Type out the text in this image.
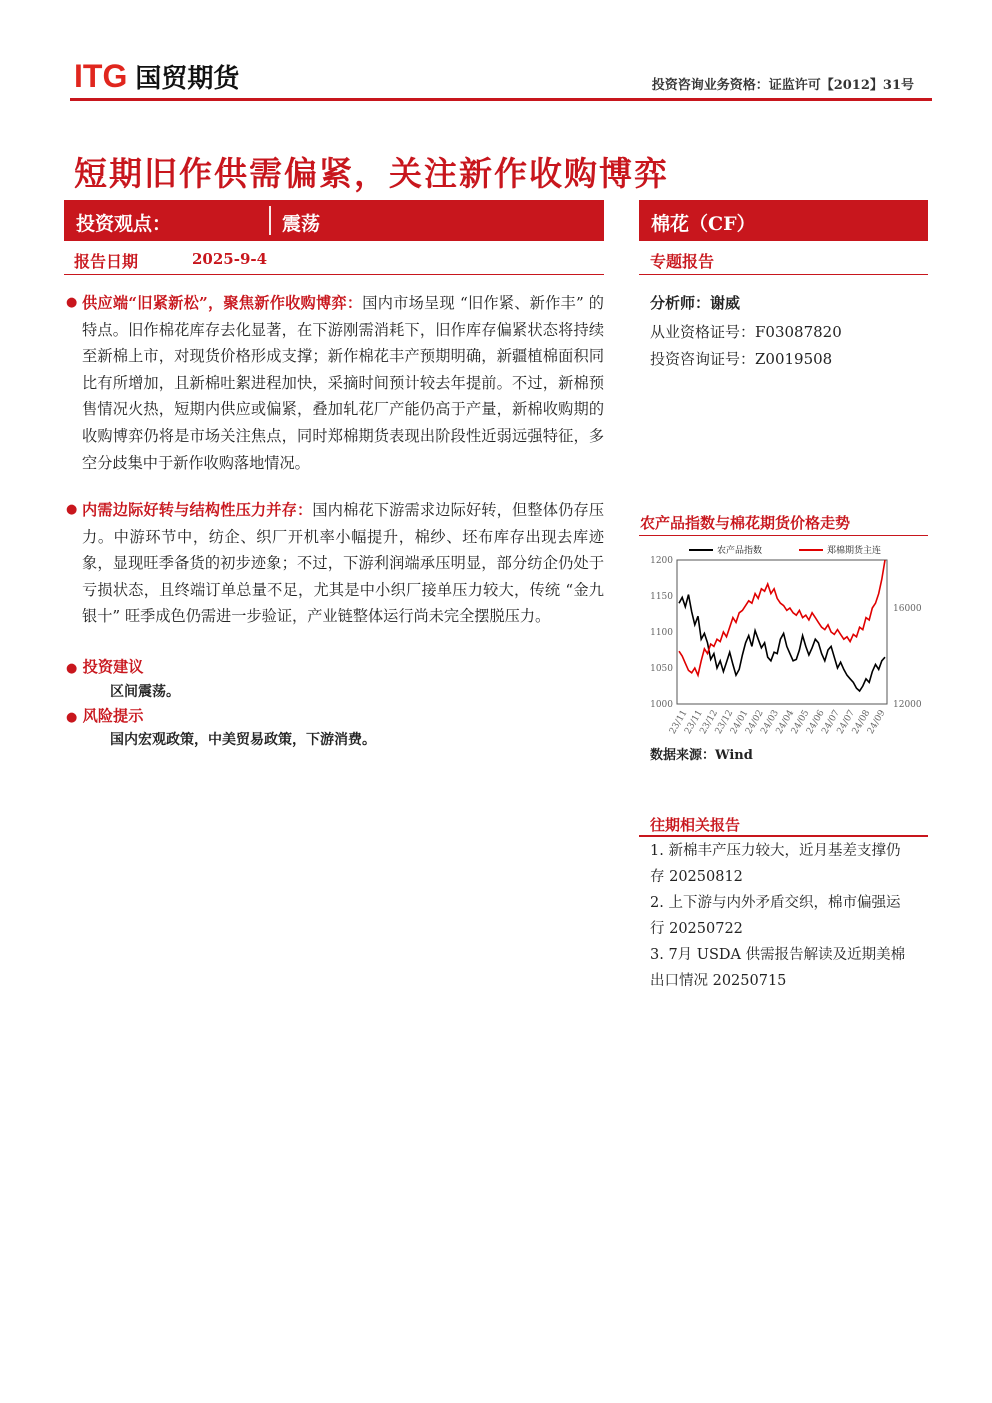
ITG 国贸期货	投资咨询业务资格：证监许可【2012】31号
短期旧作供需偏紧，关注新作收购博弈
投资观点：	震荡
报告日期	2025-9-4
棉花（CF）
专题报告
分析师：谢威
从业资格证号：F03087820
投资咨询证号：Z0019508
● 供应端“旧紧新松”，聚焦新作收购博弈：国内市场呈现 “旧作紧、新作丰” 的特点。旧作棉花库存去化显著，在下游刚需消耗下，旧作库存偏紧状态将持续至新棉上市，对现货价格形成支撑；新作棉花丰产预期明确，新疆植棉面积同比有所增加，且新棉吐絮进程加快，采摘时间预计较去年提前。不过，新棉预售情况火热，短期内供应或偏紧，叠加轧花厂产能仍高于产量，新棉收购期的收购博弈仍将是市场关注焦点，同时郑棉期货表现出阶段性近弱远强特征，多空分歧集中于新作收购落地情况。
● 内需边际好转与结构性压力并存：国内棉花下游需求边际好转，但整体仍存压力。中游环节中，纺企、织厂开机率小幅提升，棉纱、坯布库存出现去库迹象，显现旺季备货的初步迹象；不过，下游利润端承压明显，部分纺企仍处于亏损状态，且终端订单总量不足，尤其是中小织厂接单压力较大，传统 “金九银十” 旺季成色仍需进一步验证，产业链整体运行尚未完全摆脱压力。
● 投资建议
区间震荡。
● 风险提示
国内宏观政策，中美贸易政策，下游消费。
农产品指数与棉花期货价格走势
1000
1050
1100
1150
1200
12000
16000
23/11
23/11
23/12
23/12
24/01
24/02
24/03
24/04
24/05
24/06
24/07
24/07
24/08
24/09
农产品指数	郑棉期货主连
数据来源：Wind
往期相关报告
1. 新棉丰产压力较大，近月基差支撑仍存 20250812
2. 上下游与内外矛盾交织，棉市偏强运行 20250722
3. 7月 USDA 供需报告解读及近期美棉出口情况 20250715
